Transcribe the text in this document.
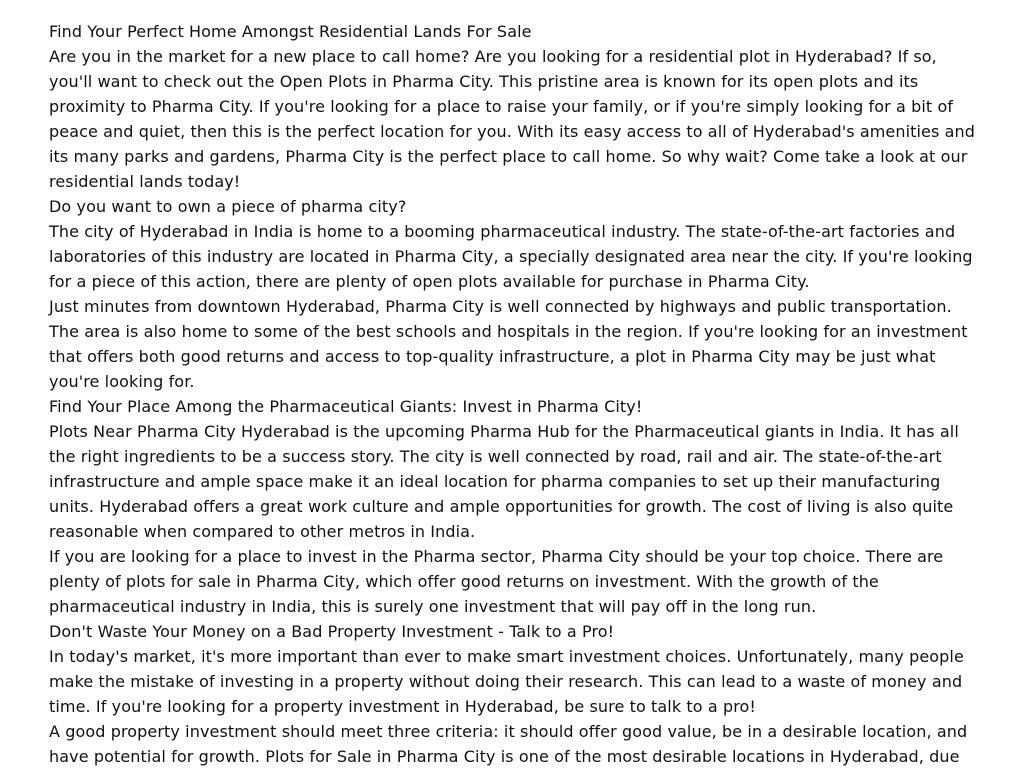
Find Your Perfect Home Amongst Residential Lands For Sale

Are you in the market for a new place to call home? Are you looking for a residential plot in Hyderabad? If so, you'll want to check out the Open Plots in Pharma City. This pristine area is known for its open plots and its proximity to Pharma City. If you're looking for a place to raise your family, or if you're simply looking for a bit of peace and quiet, then this is the perfect location for you. With its easy access to all of Hyderabad's amenities and its many parks and gardens, Pharma City is the perfect place to call home. So why wait? Come take a look at our residential lands today!

Do you want to own a piece of pharma city?

The city of Hyderabad in India is home to a booming pharmaceutical industry. The state-of-the-art factories and laboratories of this industry are located in Pharma City, a specially designated area near the city. If you're looking for a piece of this action, there are plenty of open plots available for purchase in Pharma City.

Just minutes from downtown Hyderabad, Pharma City is well connected by highways and public transportation. The area is also home to some of the best schools and hospitals in the region. If you're looking for an investment that offers both good returns and access to top-quality infrastructure, a plot in Pharma City may be just what you're looking for.

Find Your Place Among the Pharmaceutical Giants: Invest in Pharma City!

Plots Near Pharma City Hyderabad is the upcoming Pharma Hub for the Pharmaceutical giants in India. It has all the right ingredients to be a success story. The city is well connected by road, rail and air. The state-of-the-art infrastructure and ample space make it an ideal location for pharma companies to set up their manufacturing units. Hyderabad offers a great work culture and ample opportunities for growth. The cost of living is also quite reasonable when compared to other metros in India.

If you are looking for a place to invest in the Pharma sector, Pharma City should be your top choice. There are plenty of plots for sale in Pharma City, which offer good returns on investment. With the growth of the pharmaceutical industry in India, this is surely one investment that will pay off in the long run.

Don't Waste Your Money on a Bad Property Investment - Talk to a Pro!

In today's market, it's more important than ever to make smart investment choices. Unfortunately, many people make the mistake of investing in a property without doing their research. This can lead to a waste of money and time. If you're looking for a property investment in Hyderabad, be sure to talk to a pro!

A good property investment should meet three criteria: it should offer good value, be in a desirable location, and have potential for growth. Plots for Sale in Pharma City is one of the most desirable locations in Hyderabad, due
